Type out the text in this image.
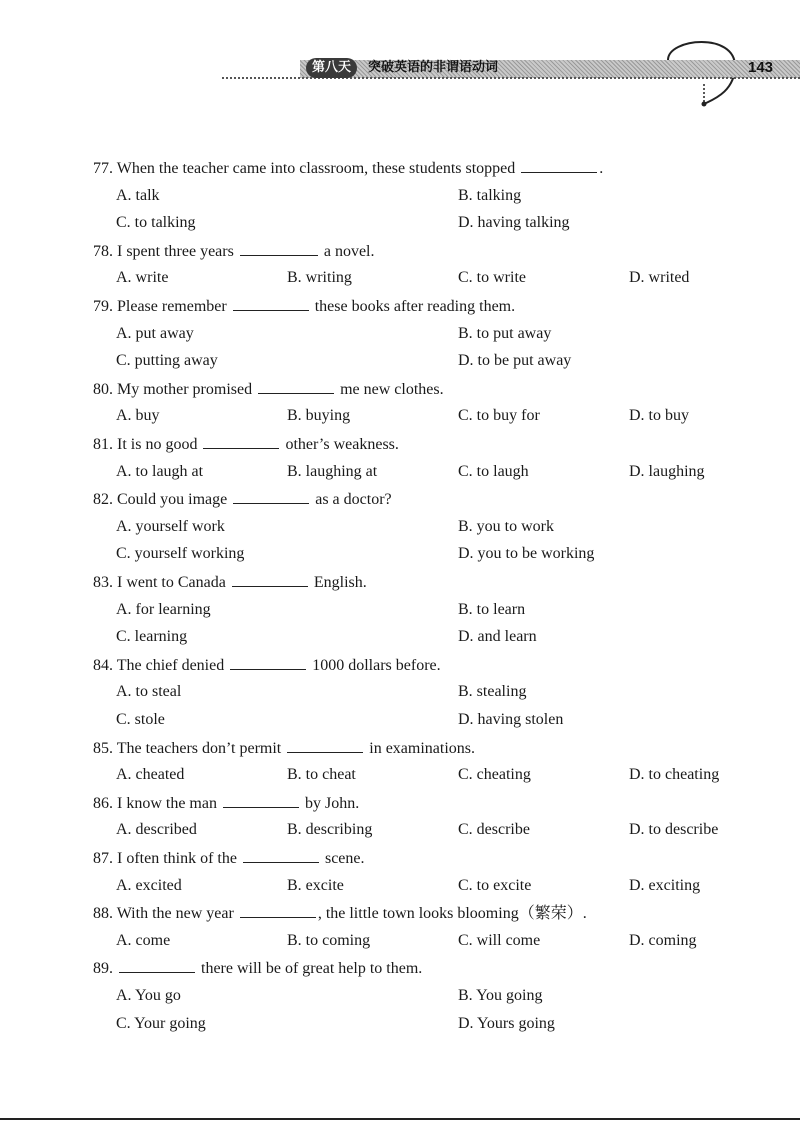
第八天	突破英语的非谓语动词	143
77. When the teacher came into classroom, these students stopped	.
A. talk	B. talking
C. to talking	D. having talking
78. I spent three years	a novel.
A. write	B. writing	C. to write	D. writed
79. Please remember	these books after reading them.
A. put away	B. to put away
C. putting away	D. to be put away
80. My mother promised	me new clothes.
A. buy	B. buying	C. to buy for	D. to buy
81. It is no good	other’s weakness.
A. to laugh at	B. laughing at	C. to laugh	D. laughing
82. Could you image	as a doctor?
A. yourself work	B. you to work
C. yourself working	D. you to be working
83. I went to Canada	English.
A. for learning	B. to learn
C. learning	D. and learn
84. The chief denied	1000 dollars before.
A. to steal	B. stealing
C. stole	D. having stolen
85. The teachers don’t permit	in examinations.
A. cheated	B. to cheat	C. cheating	D. to cheating
86. I know the man	by John.
A. described	B. describing	C. describe	D. to describe
87. I often think of the	scene.
A. excited	B. excite	C. to excite	D. exciting
88. With the new year	, the little town looks blooming（繁荣）.
A. come	B. to coming	C. will come	D. coming
89.	there will be of great help to them.
A. You go	B. You going
C. Your going	D. Yours going
